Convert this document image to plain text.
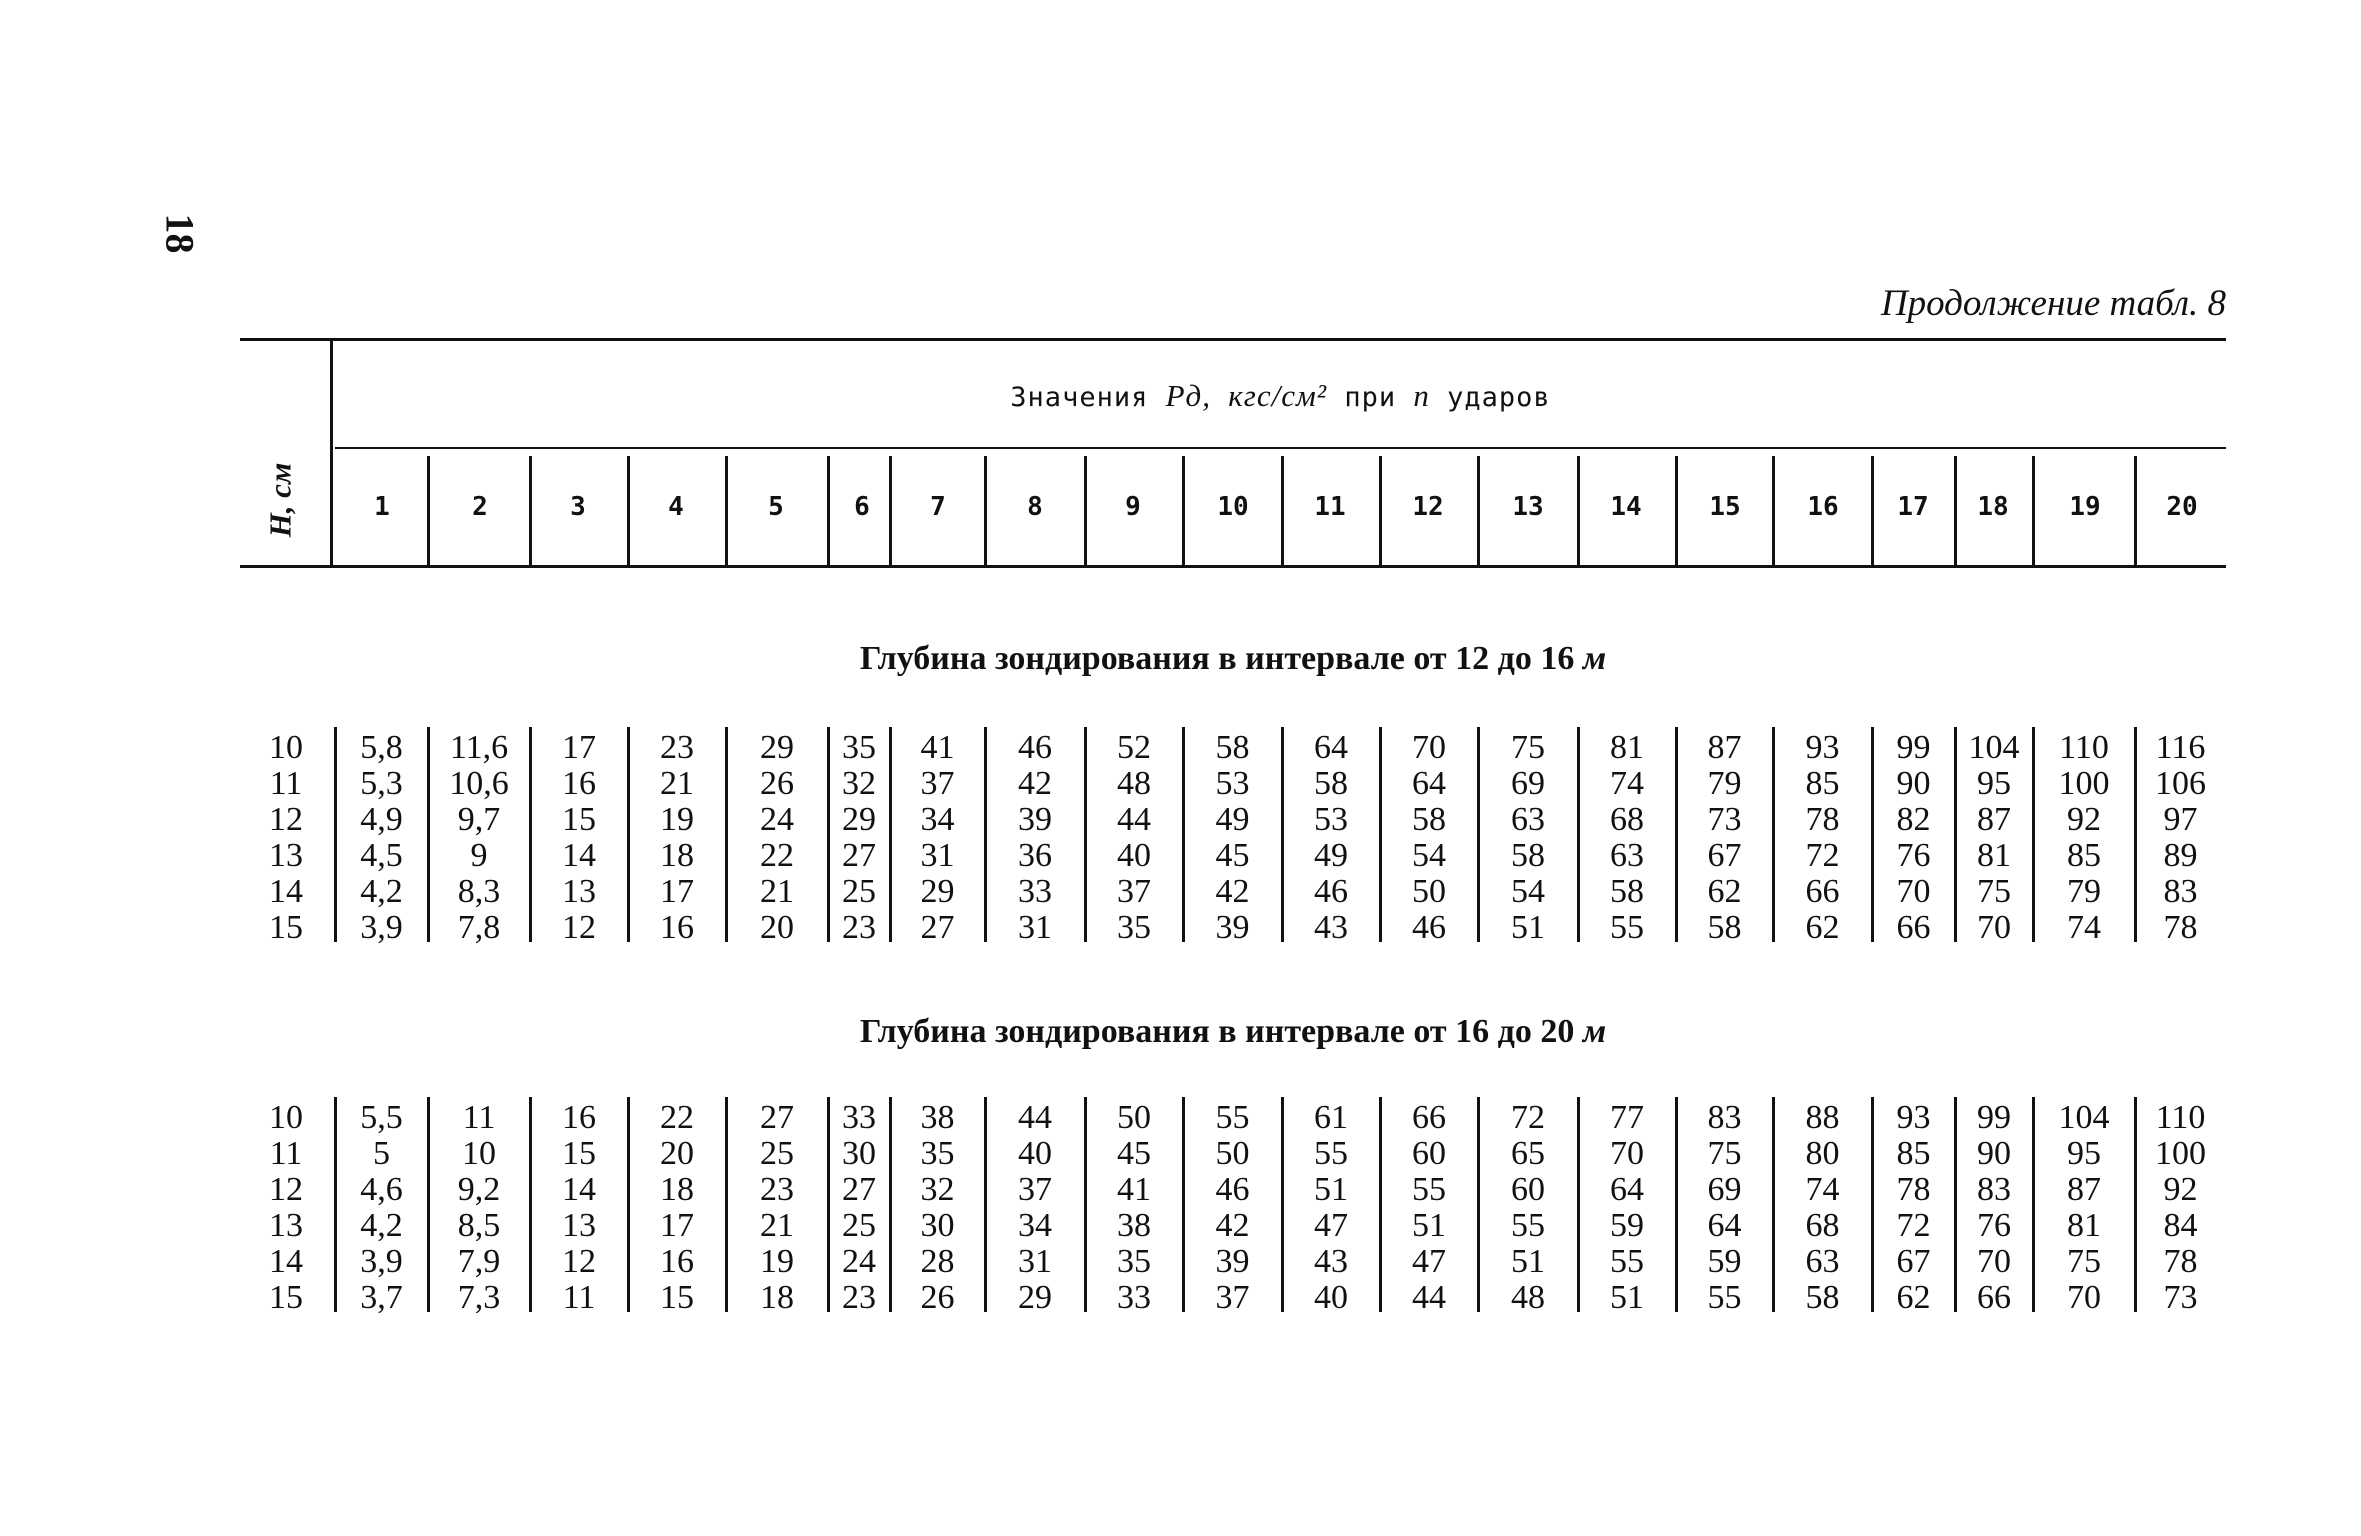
18
Продолжение табл. 8
Значения Pд, кгс/см² при n ударов
H, см	1	2	3	4	5	6	7	8	9	10	11	12	13	14	15	16	17	18	19	20
Глубина зондирования в интервале от 12 до 16 м
10	5,8	11,6	17	23	29	35	41	46	52	58	64	70	75	81	87	93	99	104	110	116
11	5,3	10,6	16	21	26	32	37	42	48	53	58	64	69	74	79	85	90	95	100	106
12	4,9	9,7	15	19	24	29	34	39	44	49	53	58	63	68	73	78	82	87	92	97
13	4,5	9	14	18	22	27	31	36	40	45	49	54	58	63	67	72	76	81	85	89
14	4,2	8,3	13	17	21	25	29	33	37	42	46	50	54	58	62	66	70	75	79	83
15	3,9	7,8	12	16	20	23	27	31	35	39	43	46	51	55	58	62	66	70	74	78
Глубина зондирования в интервале от 16 до 20 м
10	5,5	11	16	22	27	33	38	44	50	55	61	66	72	77	83	88	93	99	104	110
11	5	10	15	20	25	30	35	40	45	50	55	60	65	70	75	80	85	90	95	100
12	4,6	9,2	14	18	23	27	32	37	41	46	51	55	60	64	69	74	78	83	87	92
13	4,2	8,5	13	17	21	25	30	34	38	42	47	51	55	59	64	68	72	76	81	84
14	3,9	7,9	12	16	19	24	28	31	35	39	43	47	51	55	59	63	67	70	75	78
15	3,7	7,3	11	15	18	23	26	29	33	37	40	44	48	51	55	58	62	66	70	73
